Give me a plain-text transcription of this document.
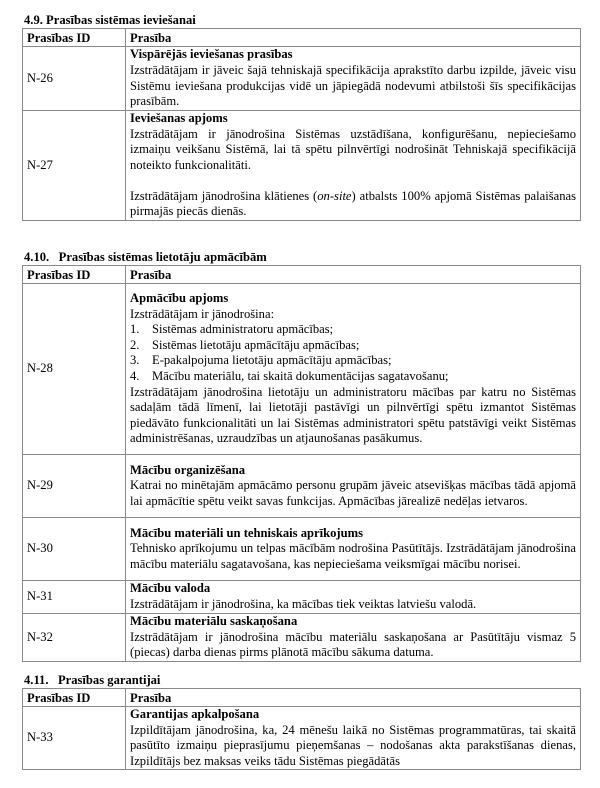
4.9. Prasības sistēmas ieviešanai
Prasības ID	Prasība
N-26	Vispārējās ieviešanas prasības
Izstrādātājam ir jāveic šajā tehniskajā specifikācija aprakstīto darbu izpilde, jāveic visu Sistēmu ieviešana produkcijas vidē un jāpiegādā nodevumi atbilstoši šīs specifikācijas prasībām.

N-27	Ieviešanas apjoms
Izstrādātājam ir jānodrošina Sistēmas uzstādīšana, konfigurēšanu, nepieciešamo izmaiņu veikšanu Sistēmā, lai tā spētu pilnvērtīgi nodrošināt Tehniskajā specifikācijā noteikto funkcionalitāti.
Izstrādātājam jānodrošina klātienes (on-site) atbalsts 100% apjomā Sistēmas palaišanas pirmajās piecās dienās.
4.10.   Prasības sistēmas lietotāju apmācībām
Prasības ID	Prasība
N-28	
Apmācību apjoms
Izstrādātājam ir jānodrošina:
1. Sistēmas administratoru apmācības;
2. Sistēmas lietotāju apmācītāju apmācības;
3. E-pakalpojuma lietotāju apmācītāju apmācības;
4. Mācību materiālu, tai skaitā dokumentācijas sagatavošanu;
Izstrādātājam jānodrošina lietotāju un administratoru mācības par katru no Sistēmas sadaļām tādā līmenī, lai lietotāji pastāvīgi un pilnvērtīgi spētu izmantot Sistēmas piedāvāto funkcionalitāti un lai Sistēmas administratori spētu patstāvīgi veikt Sistēmas administrēšanas, uzraudzības un atjaunošanas pasākumus.

N-29	Mācību organizēšana
Katrai no minētajām apmācāmo personu grupām jāveic atsevišķas mācības tādā apjomā lai apmācītie spētu veikt savas funkcijas. Apmācības jārealizē nedēļas ietvaros.

N-30	Mācību materiāli un tehniskais aprīkojums
Tehnisko aprīkojumu un telpas mācībām nodrošina Pasūtītājs. Izstrādātājam jānodrošina mācību materiālu sagatavošana, kas nepieciešama veiksmīgai mācību norisei.

N-31	Mācību valoda
Izstrādātājam ir jānodrošina, ka mācības tiek veiktas latviešu valodā.

N-32	Mācību materiālu saskaņošana
Izstrādātājam ir jānodrošina mācību materiālu saskaņošana ar Pasūtītāju vismaz 5 (piecas) darba dienas pirms plānotā mācību sākuma datuma.
4.11.   Prasības garantijai
Prasības ID	Prasība
N-33	Garantijas apkalpošana
Izpildītājam jānodrošina, ka, 24 mēnešu laikā no Sistēmas programmatūras, tai skaitā pasūtīto izmaiņu pieprasījumu pieņemšanas – nodošanas akta parakstīšanas dienas, Izpildītājs bez maksas veiks tādu Sistēmas piegādātās
